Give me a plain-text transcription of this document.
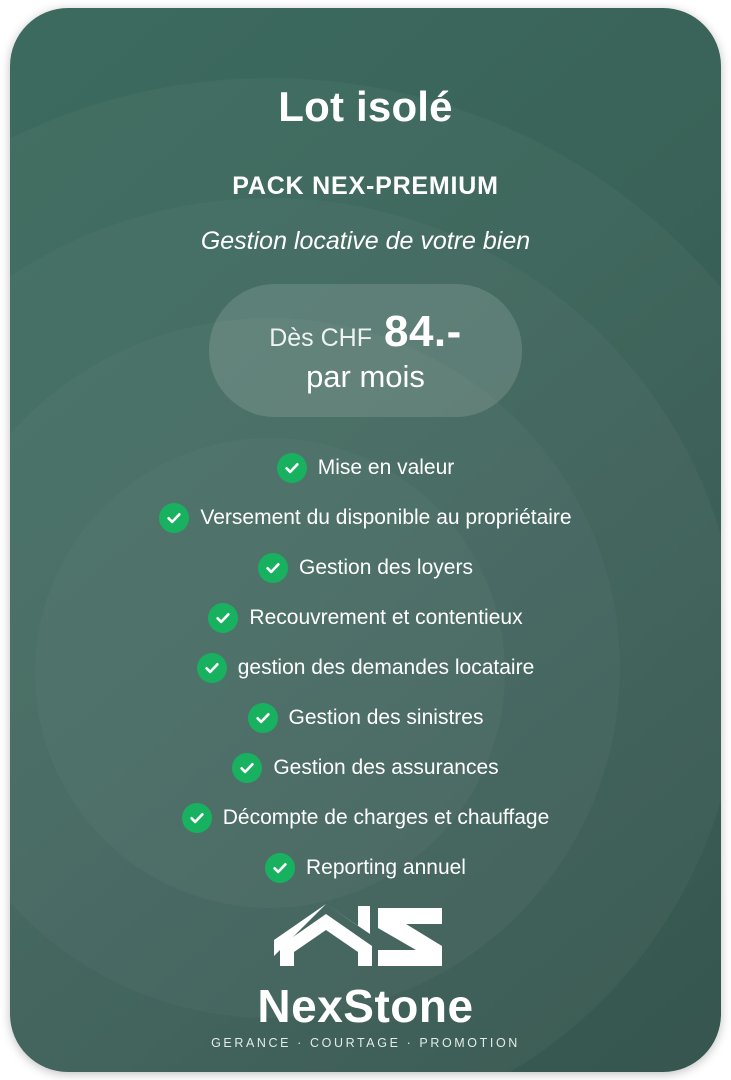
Lot isolé
PACK NEX-PREMIUM
Gestion locative de votre bien
Dès CHF 84.-
par mois
Mise en valeur
Versement du disponible au propriétaire
Gestion des loyers
Recouvrement et contentieux
gestion des demandes locataire
Gestion des sinistres
Gestion des assurances
Décompte de charges et chauffage
Reporting annuel
NexStone
GERANCE · COURTAGE · PROMOTION
